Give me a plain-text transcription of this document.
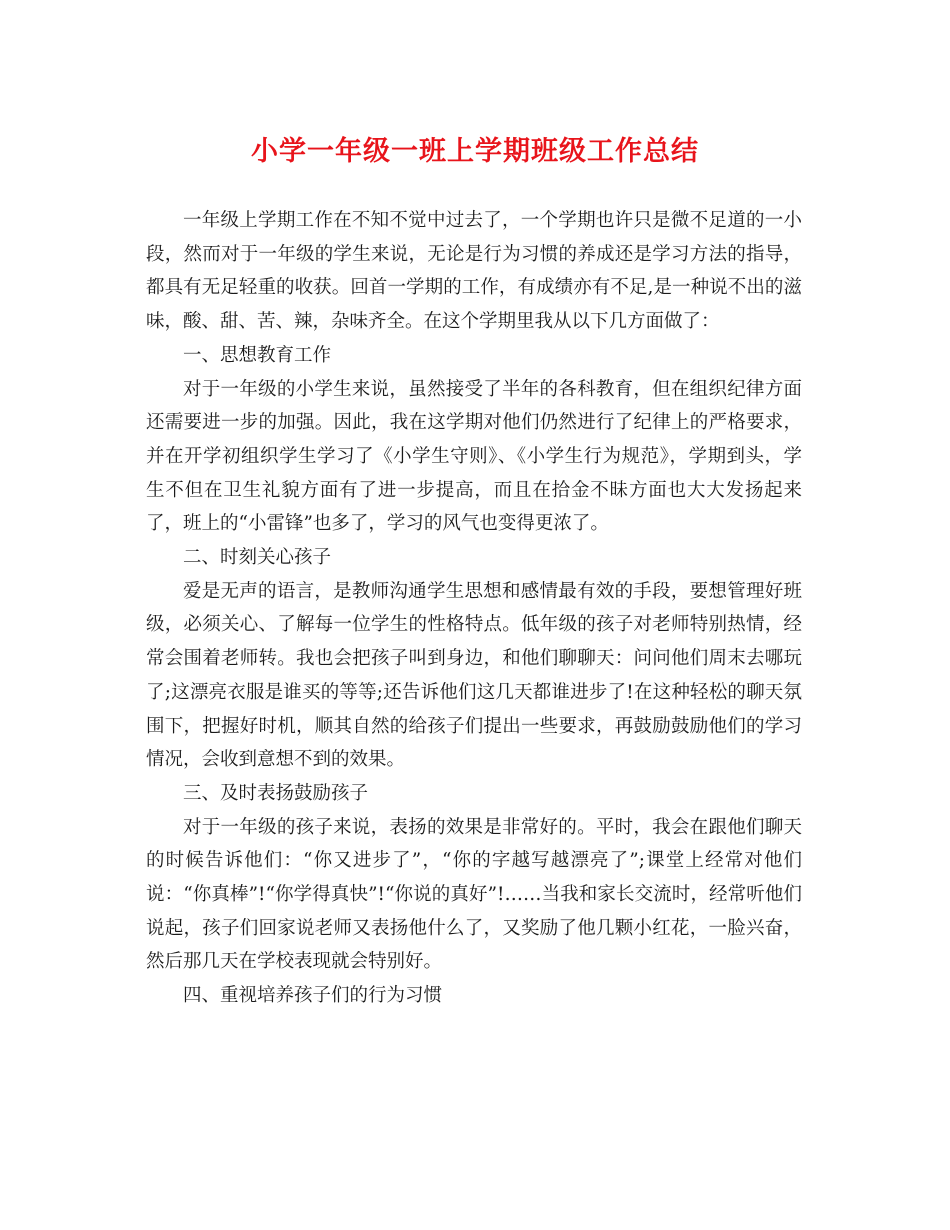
小学一年级一班上学期班级工作总结

一年级上学期工作在不知不觉中过去了，一个学期也许只是微不足道的一小段，然而对于一年级的学生来说，无论是行为习惯的养成还是学习方法的指导，都具有无足轻重的收获。回首一学期的工作，有成绩亦有不足,是一种说不出的滋味，酸、甜、苦、辣，杂味齐全。在这个学期里我从以下几方面做了：

一、思想教育工作

对于一年级的小学生来说，虽然接受了半年的各科教育，但在组织纪律方面还需要进一步的加强。因此，我在这学期对他们仍然进行了纪律上的严格要求，并在开学初组织学生学习了《小学生守则》、《小学生行为规范》，学期到头，学生不但在卫生礼貌方面有了进一步提高，而且在拾金不昧方面也大大发扬起来了，班上的“小雷锋”也多了，学习的风气也变得更浓了。

二、时刻关心孩子

爱是无声的语言，是教师沟通学生思想和感情最有效的手段，要想管理好班级，必须关心、了解每一位学生的性格特点。低年级的孩子对老师特别热情，经常会围着老师转。我也会把孩子叫到身边，和他们聊聊天：问问他们周末去哪玩了;这漂亮衣服是谁买的等等;还告诉他们这几天都谁进步了!在这种轻松的聊天氛围下，把握好时机，顺其自然的给孩子们提出一些要求，再鼓励鼓励他们的学习情况，会收到意想不到的效果。

三、及时表扬鼓励孩子

对于一年级的孩子来说，表扬的效果是非常好的。平时，我会在跟他们聊天的时候告诉他们：“你又进步了”，“你的字越写越漂亮了”;课堂上经常对他们说：“你真棒”!“你学得真快”!“你说的真好”!……当我和家长交流时，经常听他们说起，孩子们回家说老师又表扬他什么了，又奖励了他几颗小红花，一脸兴奋，然后那几天在学校表现就会特别好。

四、重视培养孩子们的行为习惯
